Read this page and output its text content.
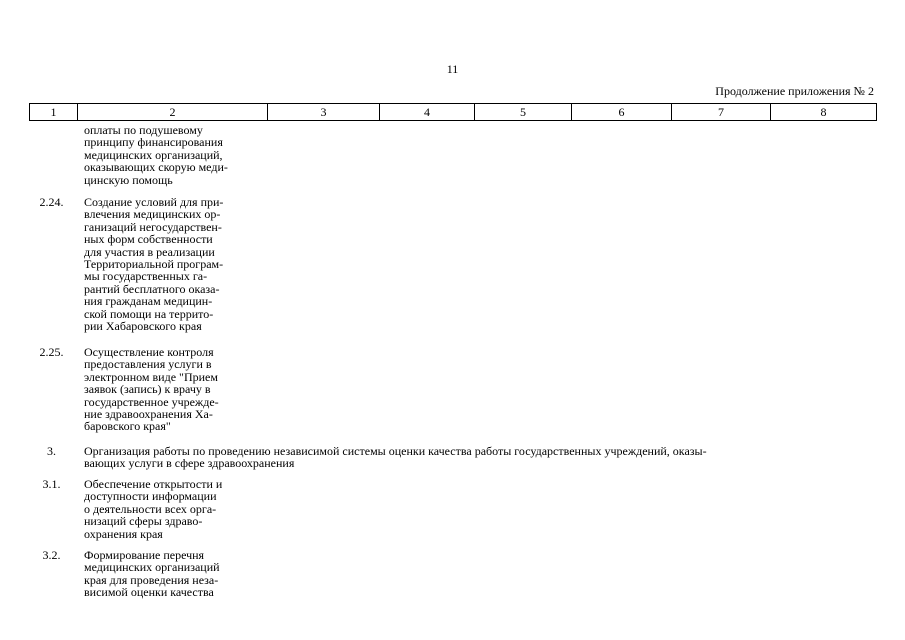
11
Продолжение приложения № 2
1	2	3	4	5	6	7	8
оплаты по подушевому
принципу финансирования
медицинских организаций,
оказывающих скорую меди-
цинскую помощь
2.24.	Создание условий для при-
влечения медицинских ор-
ганизаций негосударствен-
ных форм собственности
для участия в реализации
Территориальной програм-
мы государственных га-
рантий бесплатного оказа-
ния гражданам медицин-
ской помощи на террито-
рии Хабаровского края
2.25.	Осуществление контроля
предоставления услуги в
электронном виде "Прием
заявок (запись) к врачу в
государственное учрежде-
ние здравоохранения Ха-
баровского края"
3.	Организация работы по проведению независимой системы оценки качества работы государственных учреждений, оказы-
вающих услуги в сфере здравоохранения
3.1.	Обеспечение открытости и
доступности информации
о деятельности всех орга-
низаций сферы здраво-
охранения края
3.2.	Формирование перечня
медицинских организаций
края для проведения неза-
висимой оценки качества
